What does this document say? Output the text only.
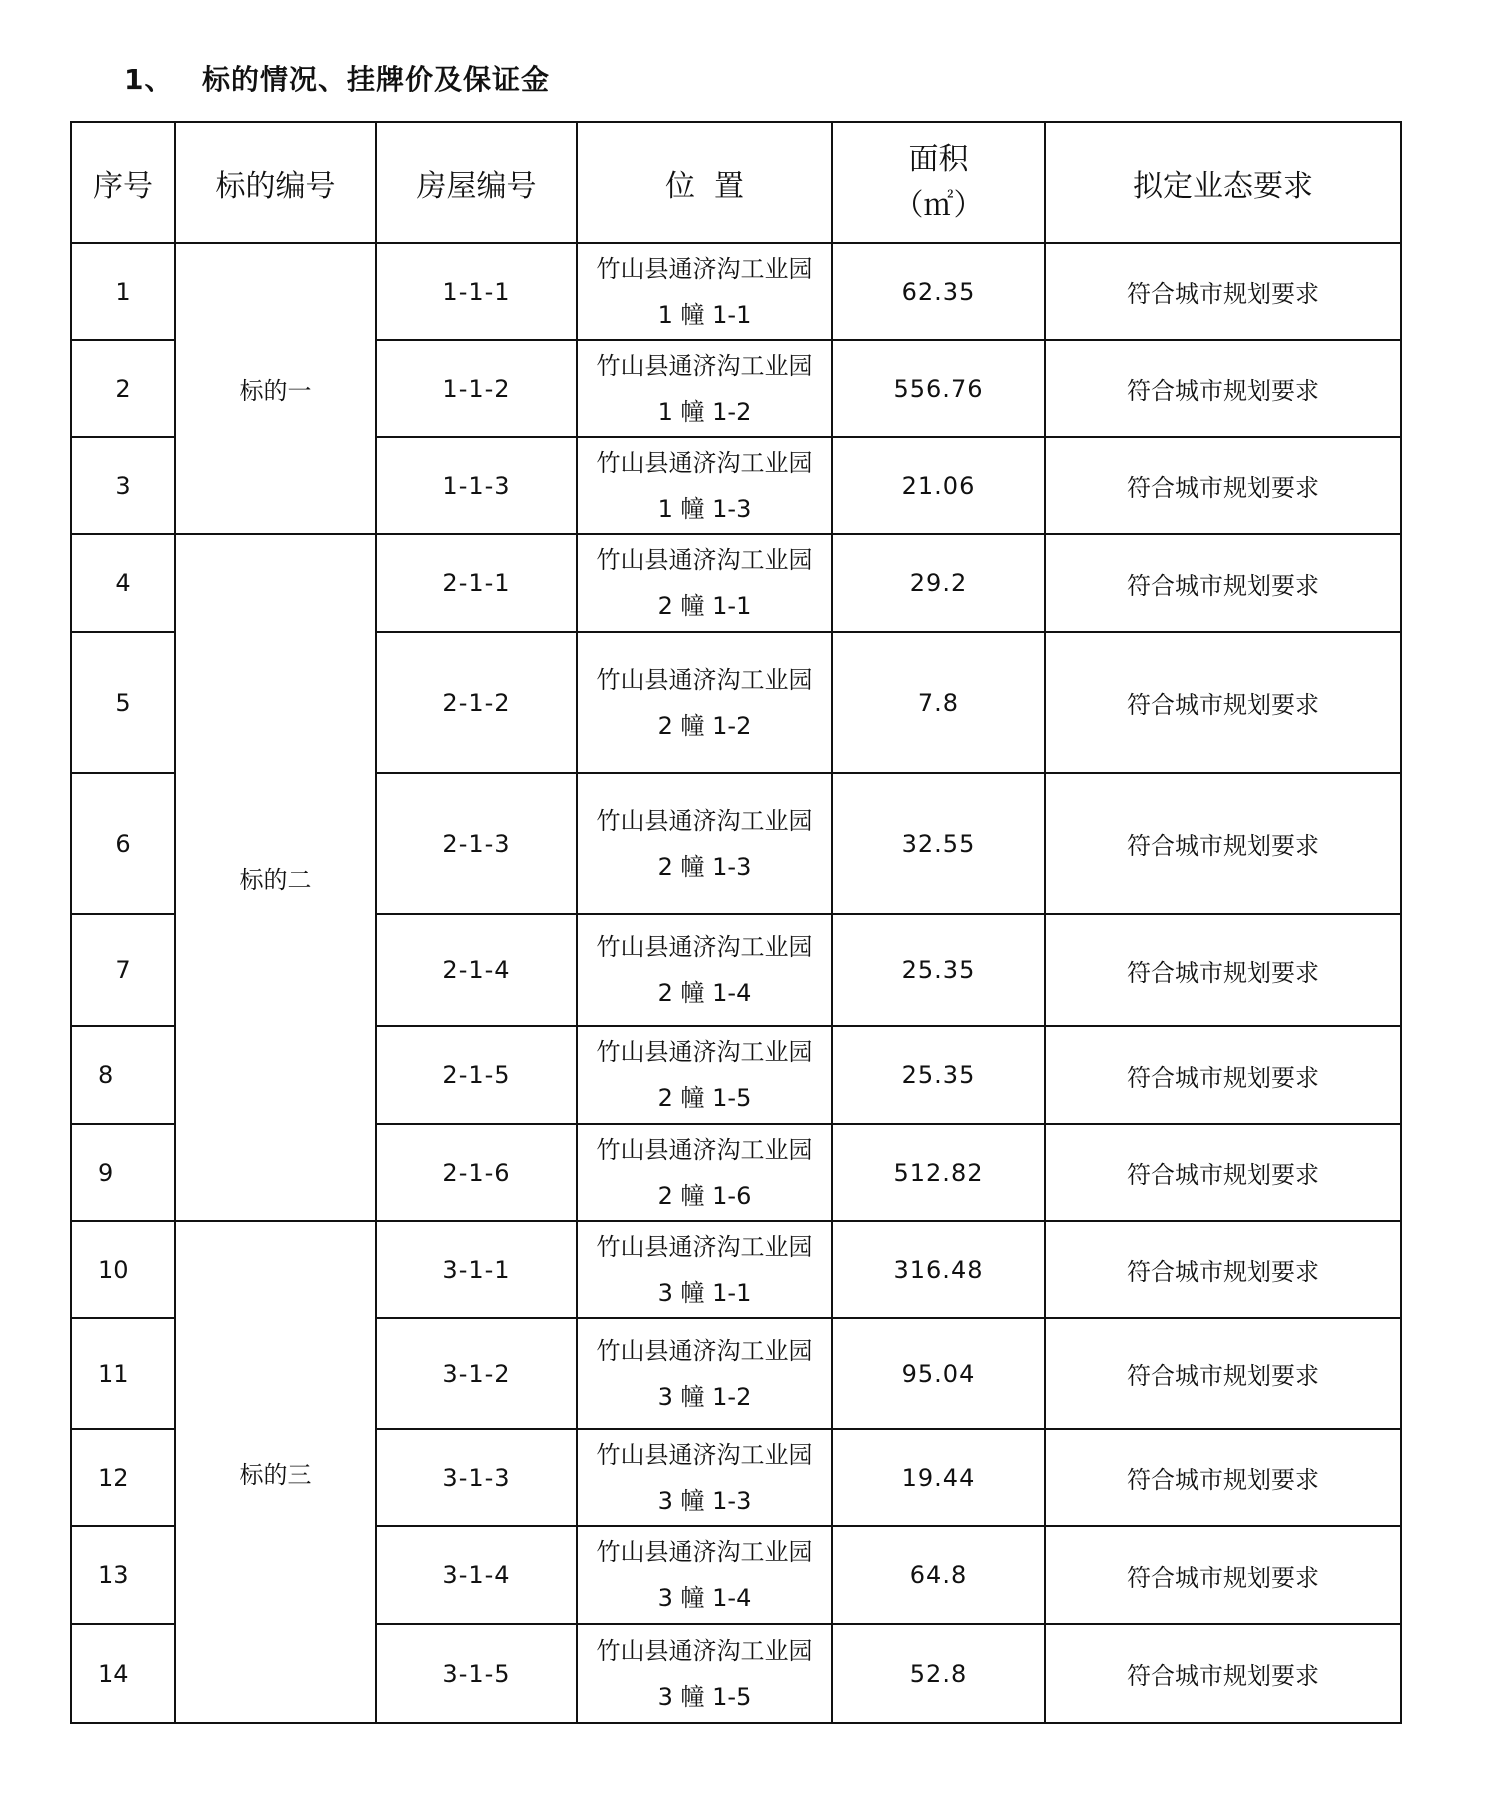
1、 标的情况、挂牌价及保证金
序号	标的编号	房屋编号	位  置	面积
（㎡）	拟定业态要求
1	标的一	1-1-1	竹山县通济沟工业园
1 幢 1-1	62.35	符合城市规划要求
2		1-1-2	竹山县通济沟工业园
1 幢 1-2	556.76	符合城市规划要求
3		1-1-3	竹山县通济沟工业园
1 幢 1-3	21.06	符合城市规划要求
4	标的二	2-1-1	竹山县通济沟工业园
2 幢 1-1	29.2	符合城市规划要求
5		2-1-2	竹山县通济沟工业园
2 幢 1-2	7.8	符合城市规划要求
6		2-1-3	竹山县通济沟工业园
2 幢 1-3	32.55	符合城市规划要求
7		2-1-4	竹山县通济沟工业园
2 幢 1-4	25.35	符合城市规划要求
8		2-1-5	竹山县通济沟工业园
2 幢 1-5	25.35	符合城市规划要求
9		2-1-6	竹山县通济沟工业园
2 幢 1-6	512.82	符合城市规划要求
10	标的三	3-1-1	竹山县通济沟工业园
3 幢 1-1	316.48	符合城市规划要求
11		3-1-2	竹山县通济沟工业园
3 幢 1-2	95.04	符合城市规划要求
12		3-1-3	竹山县通济沟工业园
3 幢 1-3	19.44	符合城市规划要求
13		3-1-4	竹山县通济沟工业园
3 幢 1-4	64.8	符合城市规划要求
14		3-1-5	竹山县通济沟工业园
3 幢 1-5	52.8	符合城市规划要求
